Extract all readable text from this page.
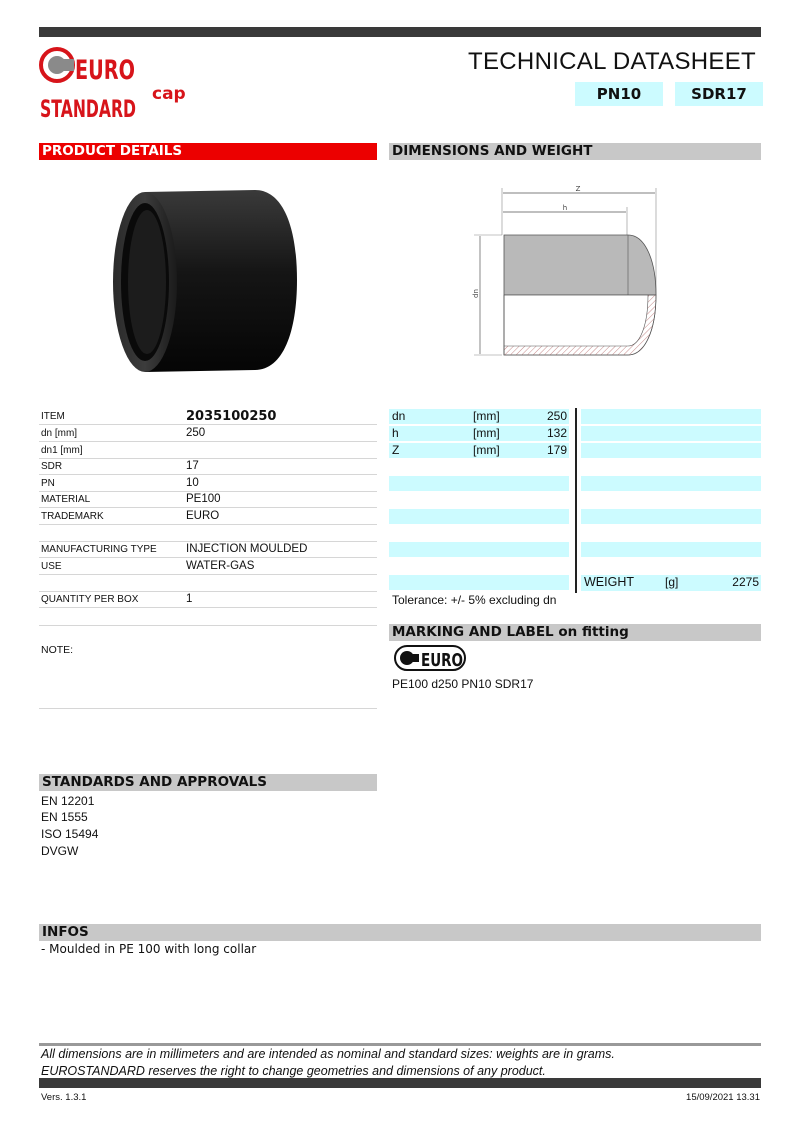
EURO
STANDARD
cap
TECHNICAL DATASHEET
PN10	SDR17
PRODUCT DETAILS	DIMENSIONS AND WEIGHT
Z
h
dn
ITEM	2035100250
dn [mm]	250
dn1 [mm]
SDR	17
PN	10
MATERIAL	PE100
TRADEMARK	EURO
MANUFACTURING TYPE	INJECTION MOULDED
USE	WATER-GAS
QUANTITY PER BOX	1
NOTE:
dn	[mm]	250
h	[mm]	132
Z	[mm]	179
WEIGHT	[g]	2275
Tolerance: +/- 5% excluding dn
MARKING AND LABEL on fitting
EURO
PE100 d250 PN10 SDR17
STANDARDS AND APPROVALS
EN 12201
EN 1555
ISO 15494
DVGW
INFOS
- Moulded in PE 100 with long collar
All dimensions are in millimeters and are intended as nominal and standard sizes: weights are in grams.
EUROSTANDARD reserves the right to change geometries and dimensions of any product.
Vers. 1.3.1	15/09/2021 13.31
